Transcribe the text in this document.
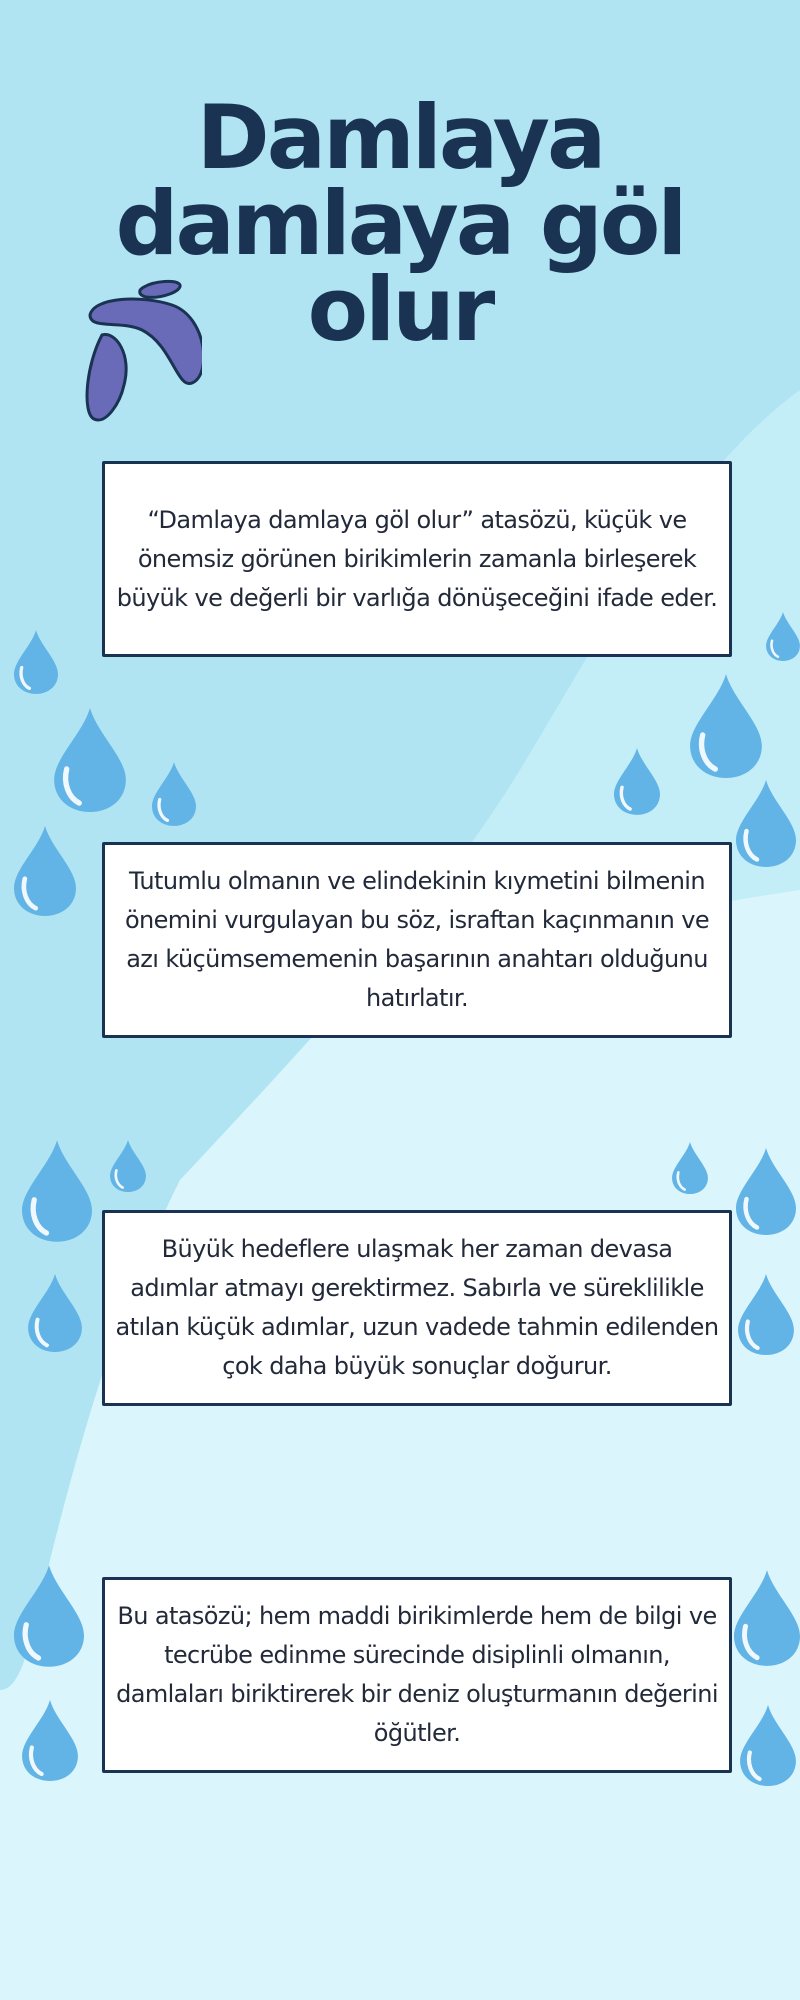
Damlaya damlaya göl olur

“Damlaya damlaya göl olur” atasözü, küçük ve önemsiz görünen birikimlerin zamanla birleşerek büyük ve değerli bir varlığa dönüşeceğini ifade eder.

Tutumlu olmanın ve elindekinin kıymetini bilmenin önemini vurgulayan bu söz, israftan kaçınmanın ve azı küçümsememenin başarının anahtarı olduğunu hatırlatır.

Büyük hedeflere ulaşmak her zaman devasa adımlar atmayı gerektirmez. Sabırla ve süreklilikle atılan küçük adımlar, uzun vadede tahmin edilenden çok daha büyük sonuçlar doğurur.

Bu atasözü; hem maddi birikimlerde hem de bilgi ve tecrübe edinme sürecinde disiplinli olmanın, damlaları biriktirerek bir deniz oluşturmanın değerini öğütler.
